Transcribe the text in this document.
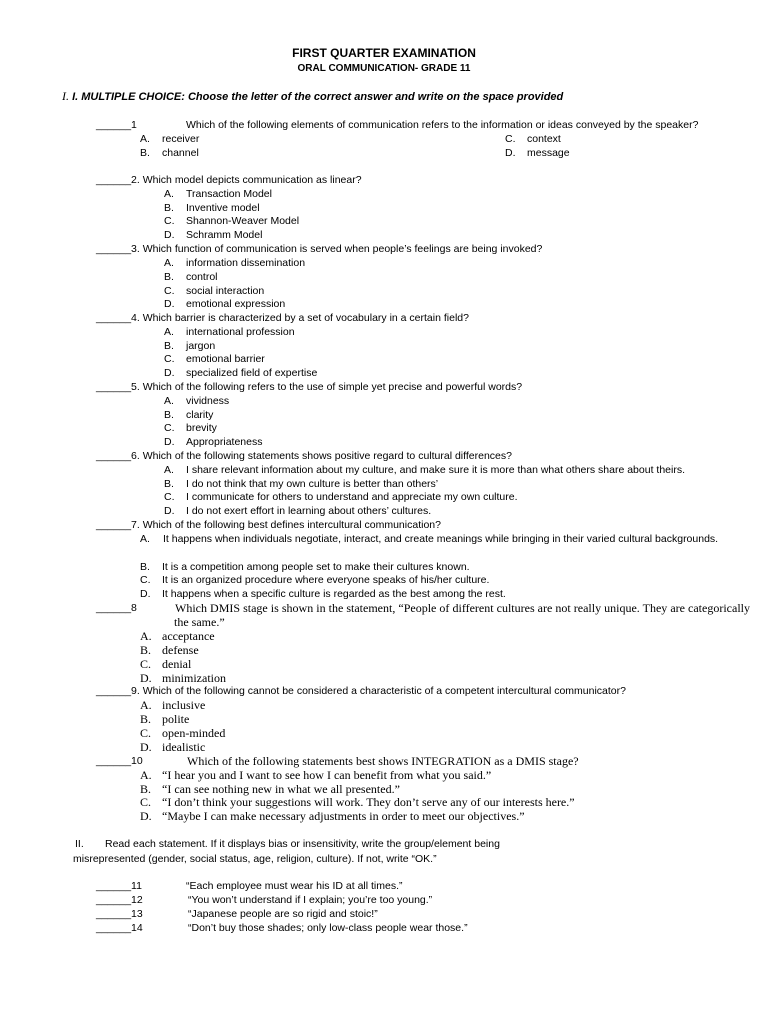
FIRST QUARTER EXAMINATION
ORAL COMMUNICATION- GRADE 11
I. I. MULTIPLE CHOICE: Choose the letter of the correct answer and write on the space provided
______1	Which of the following elements of communication refers to the information or ideas conveyed by the speaker?
A. receiver
B. channel
C. context
D. message
______2. Which model depicts communication as linear?
A. Transaction Model
B. Inventive model
C. Shannon-Weaver Model
D. Schramm Model
______3. Which function of communication is served when people’s feelings are being invoked?
A. information dissemination
B. control
C. social interaction
D. emotional expression
______4. Which barrier is characterized by a set of vocabulary in a certain field?
A. international profession
B. jargon
C. emotional barrier
D. specialized field of expertise
______5. Which of the following refers to the use of simple yet precise and powerful words?
A. vividness
B. clarity
C. brevity
D. Appropriateness
______6. Which of the following statements shows positive regard to cultural differences?
A. I share relevant information about my culture, and make sure it is more than what others share about theirs.
B. I do not think that my own culture is better than others’
C. I communicate for others to understand and appreciate my own culture.
D. I do not exert effort in learning about others’ cultures.
______7. Which of the following best defines intercultural communication?
A. It happens when individuals negotiate, interact, and create meanings while bringing in their varied cultural backgrounds.
B. It is a competition among people set to make their cultures known.
C. It is an organized procedure where everyone speaks of his/her culture.
D. It happens when a specific culture is regarded as the best among the rest.
______8	Which DMIS stage is shown in the statement, “People of different cultures are not really unique. They are categorically the same.”
A. acceptance
B. defense
C. denial
D. minimization
______9. Which of the following cannot be considered a characteristic of a competent intercultural communicator?
A. inclusive
B. polite
C. open-minded
D. idealistic
______10	Which of the following statements best shows INTEGRATION as a DMIS stage?
A. “I hear you and I want to see how I can benefit from what you said.”
B. “I can see nothing new in what we all presented.”
C. “I don’t think your suggestions will work. They don’t serve any of our interests here.”
D. “Maybe I can make necessary adjustments in order to meet our objectives.”
II. Read each statement. If it displays bias or insensitivity, write the group/element being
misrepresented (gender, social status, age, religion, culture). If not, write “OK.”
______11	“Each employee must wear his ID at all times.”
______12	“You won’t understand if I explain; you’re too young.”
______13	“Japanese people are so rigid and stoic!”
______14	“Don’t buy those shades; only low-class people wear those.”
